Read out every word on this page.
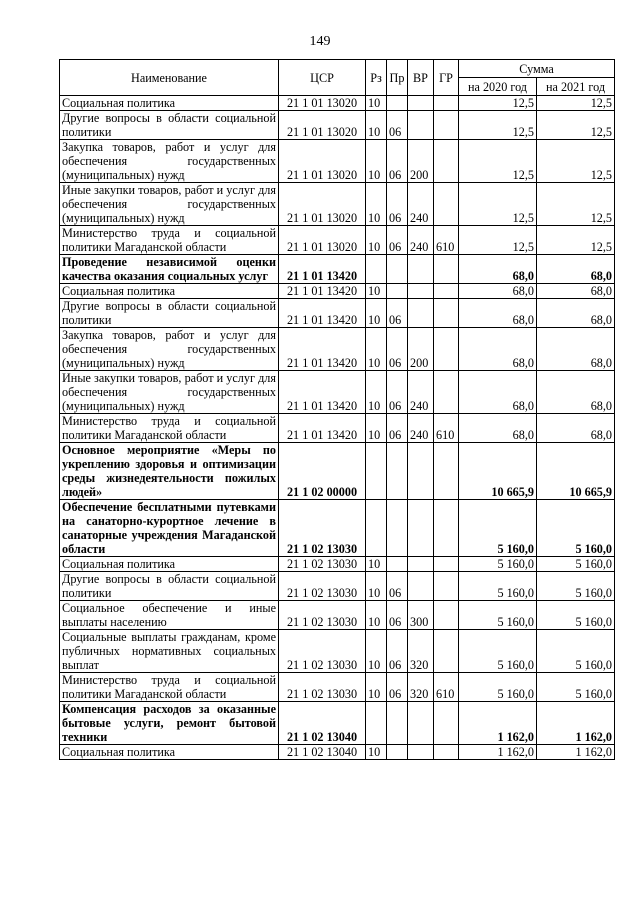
149
Наименование	ЦСР	Рз	Пр	ВР	ГР	Сумма	
						на 2020 год	на 2021 год
Социальная политика	21 1 01 13020	10				12,5	12,5
Другие вопросы в области социальной политики	21 1 01 13020	10	06			12,5	12,5
Закупка товаров, работ и услуг для обеспечения государственных (муниципальных) нужд	21 1 01 13020	10	06	200		12,5	12,5
Иные закупки товаров, работ и услуг для обеспечения государственных (муниципальных) нужд	21 1 01 13020	10	06	240		12,5	12,5
Министерство труда и социальной политики Магаданской области	21 1 01 13020	10	06	240	610	12,5	12,5
Проведение независимой оценки качества оказания социальных услуг	21 1 01 13420					68,0	68,0
Социальная политика	21 1 01 13420	10				68,0	68,0
Другие вопросы в области социальной политики	21 1 01 13420	10	06			68,0	68,0
Закупка товаров, работ и услуг для обеспечения государственных (муниципальных) нужд	21 1 01 13420	10	06	200		68,0	68,0
Иные закупки товаров, работ и услуг для обеспечения государственных (муниципальных) нужд	21 1 01 13420	10	06	240		68,0	68,0
Министерство труда и социальной политики Магаданской области	21 1 01 13420	10	06	240	610	68,0	68,0
Основное мероприятие «Меры по укреплению здоровья и оптимизации среды жизнедеятельности пожилых людей»	21 1 02 00000					10 665,9	10 665,9
Обеспечение бесплатными путевками на санаторно-курортное лечение в санаторные учреждения Магаданской области	21 1 02 13030					5 160,0	5 160,0
Социальная политика	21 1 02 13030	10				5 160,0	5 160,0
Другие вопросы в области социальной политики	21 1 02 13030	10	06			5 160,0	5 160,0
Социальное обеспечение и иные выплаты населению	21 1 02 13030	10	06	300		5 160,0	5 160,0
Социальные выплаты гражданам, кроме публичных нормативных социальных выплат	21 1 02 13030	10	06	320		5 160,0	5 160,0
Министерство труда и социальной политики Магаданской области	21 1 02 13030	10	06	320	610	5 160,0	5 160,0
Компенсация расходов за оказанные бытовые услуги, ремонт бытовой техники	21 1 02 13040					1 162,0	1 162,0
Социальная политика	21 1 02 13040	10				1 162,0	1 162,0
